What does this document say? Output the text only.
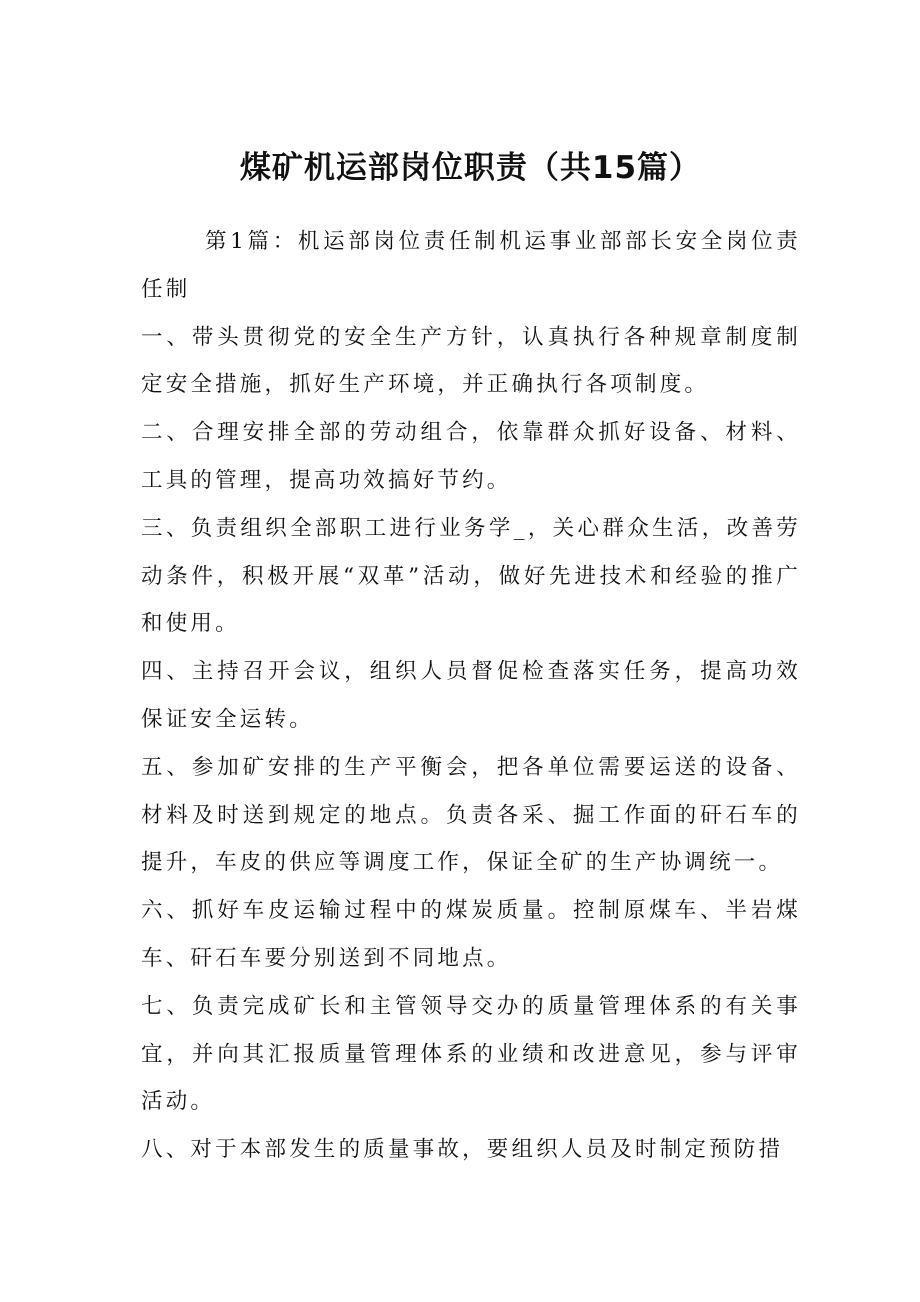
煤矿机运部岗位职责（共15篇）

第1篇：机运部岗位责任制机运事业部部长安全岗位责任制

一、带头贯彻党的安全生产方针，认真执行各种规章制度制定安全措施，抓好生产环境，并正确执行各项制度。

二、合理安排全部的劳动组合，依靠群众抓好设备、材料、工具的管理，提高功效搞好节约。

三、负责组织全部职工进行业务学_，关心群众生活，改善劳动条件，积极开展“双革”活动，做好先进技术和经验的推广和使用。

四、主持召开会议，组织人员督促检查落实任务，提高功效保证安全运转。

五、参加矿安排的生产平衡会，把各单位需要运送的设备、材料及时送到规定的地点。负责各采、掘工作面的矸石车的提升，车皮的供应等调度工作，保证全矿的生产协调统一。

六、抓好车皮运输过程中的煤炭质量。控制原煤车、半岩煤车、矸石车要分别送到不同地点。

七、负责完成矿长和主管领导交办的质量管理体系的有关事宜，并向其汇报质量管理体系的业绩和改进意见，参与评审活动。

八、对于本部发生的质量事故，要组织人员及时制定预防措
